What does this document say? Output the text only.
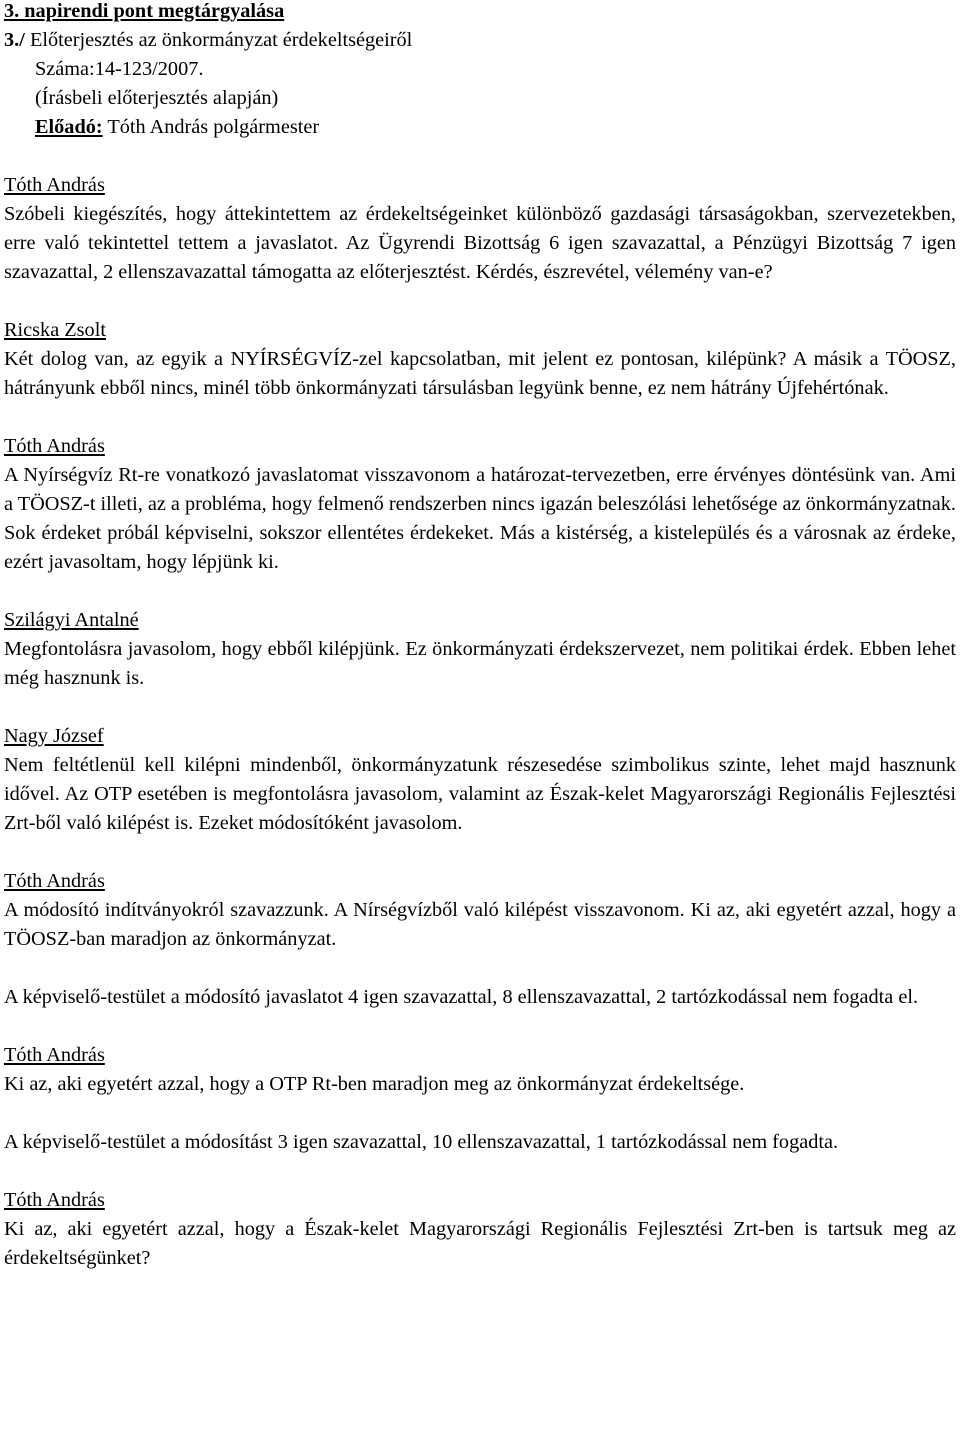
3. napirendi pont megtárgyalása

3./ Előterjesztés az önkormányzat érdekeltségeiről

Száma:14-123/2007.

(Írásbeli előterjesztés alapján)

Előadó: Tóth András polgármester

Tóth András

Szóbeli kiegészítés, hogy áttekintettem az érdekeltségeinket különböző gazdasági társaságokban, szervezetekben, erre való tekintettel tettem a javaslatot. Az Ügyrendi Bizottság 6 igen szavazattal, a Pénzügyi Bizottság 7 igen szavazattal, 2 ellenszavazattal támogatta az előterjesztést. Kérdés, észrevétel, vélemény van-e?

Ricska Zsolt

Két dolog van, az egyik a NYÍRSÉGVÍZ-zel kapcsolatban, mit jelent ez pontosan, kilépünk? A másik a TÖOSZ, hátrányunk ebből nincs, minél több önkormányzati társulásban legyünk benne, ez nem hátrány Újfehértónak.

Tóth András

A Nyírségvíz Rt-re vonatkozó javaslatomat visszavonom a határozat-tervezetben, erre érvényes döntésünk van. Ami a TÖOSZ-t illeti, az a probléma, hogy felmenő rendszerben nincs igazán beleszólási lehetősége az önkormányzatnak. Sok érdeket próbál képviselni, sokszor ellentétes érdekeket. Más a kistérség, a kistelepülés és a városnak az érdeke, ezért javasoltam, hogy lépjünk ki.

Szilágyi Antalné

Megfontolásra javasolom, hogy ebből kilépjünk. Ez önkormányzati érdekszervezet, nem politikai érdek. Ebben lehet még hasznunk is.

Nagy József

Nem feltétlenül kell kilépni mindenből, önkormányzatunk részesedése szimbolikus szinte, lehet majd hasznunk idővel. Az OTP esetében is megfontolásra javasolom, valamint az Észak-kelet Magyarországi Regionális Fejlesztési Zrt-ből való kilépést is. Ezeket módosítóként javasolom.

Tóth András

A módosító indítványokról szavazzunk. A Nírségvízből való kilépést visszavonom. Ki az, aki egyetért azzal, hogy a TÖOSZ-ban maradjon az önkormányzat.

A képviselő-testület a módosító javaslatot 4 igen szavazattal, 8 ellenszavazattal, 2 tartózkodással nem fogadta el.

Tóth András

Ki az, aki egyetért azzal, hogy a OTP Rt-ben maradjon meg az önkormányzat érdekeltsége.

A képviselő-testület a módosítást 3 igen szavazattal, 10 ellenszavazattal, 1 tartózkodással nem fogadta.

Tóth András

Ki az, aki egyetért azzal, hogy a Észak-kelet Magyarországi Regionális Fejlesztési Zrt-ben is tartsuk meg az érdekeltségünket?
